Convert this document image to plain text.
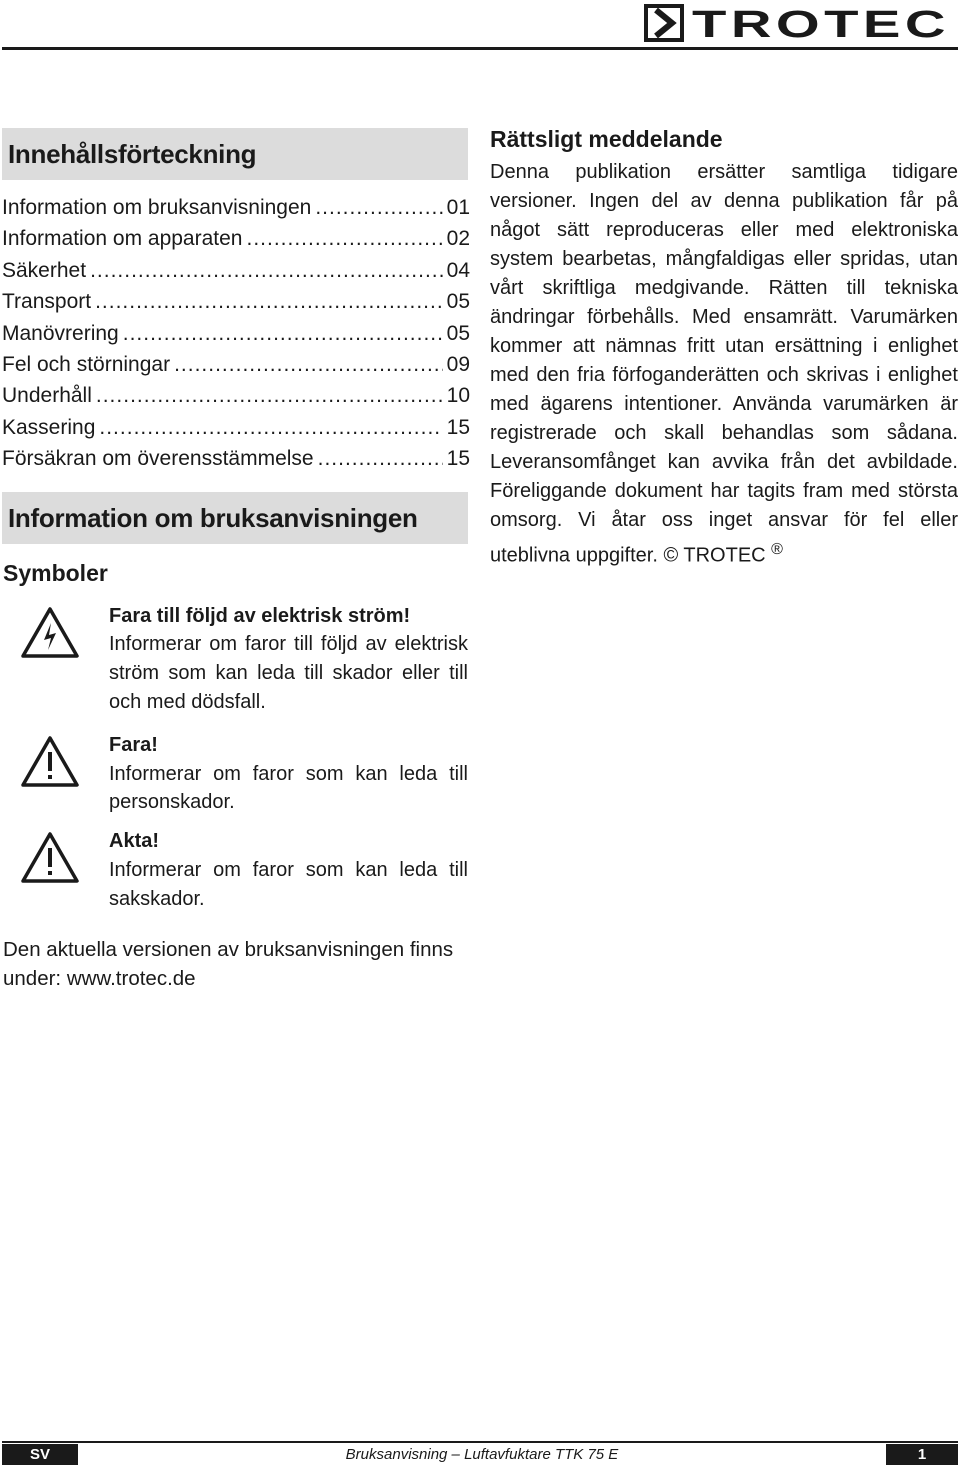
TROTEC
Innehållsförteckning
Information om bruksanvisningen .....	01
Information om apparaten .....	02
Säkerhet .....	04
Transport .....	05
Manövrering .....	05
Fel och störningar .....	09
Underhåll .....	10
Kassering .....	15
Försäkran om överensstämmelse .....	15
Information om bruksanvisningen
Symboler
Fara till följd av elektrisk ström!
Informerar om faror till följd av elektrisk ström som kan leda till skador eller till och med dödsfall.
Fara!
Informerar om faror som kan leda till personskador.
Akta!
Informerar om faror som kan leda till sakskador.
Den aktuella versionen av bruksanvisningen finns under: www.trotec.de
Rättsligt meddelande
Denna publikation ersätter samtliga tidigare versioner. Ingen del av denna publikation får på något sätt reproduceras eller med elektroniska system bearbetas, mångfaldigas eller spridas, utan vårt skriftliga medgivande. Rätten till tekniska ändringar förbehålls. Med ensamrätt. Varumärken kommer att nämnas fritt utan ersättning i enlighet med den fria förfoganderätten och skrivas i enlighet med ägarens intentioner. Använda varumärken är registrerade och skall behandlas som sådana. Leveransomfånget kan avvika från det avbildade. Föreliggande dokument har tagits fram med största omsorg. Vi åtar oss inget ansvar för fel eller uteblivna uppgifter. © TROTEC ®
SV	Bruksanvisning – Luftavfuktare TTK 75 E	1
